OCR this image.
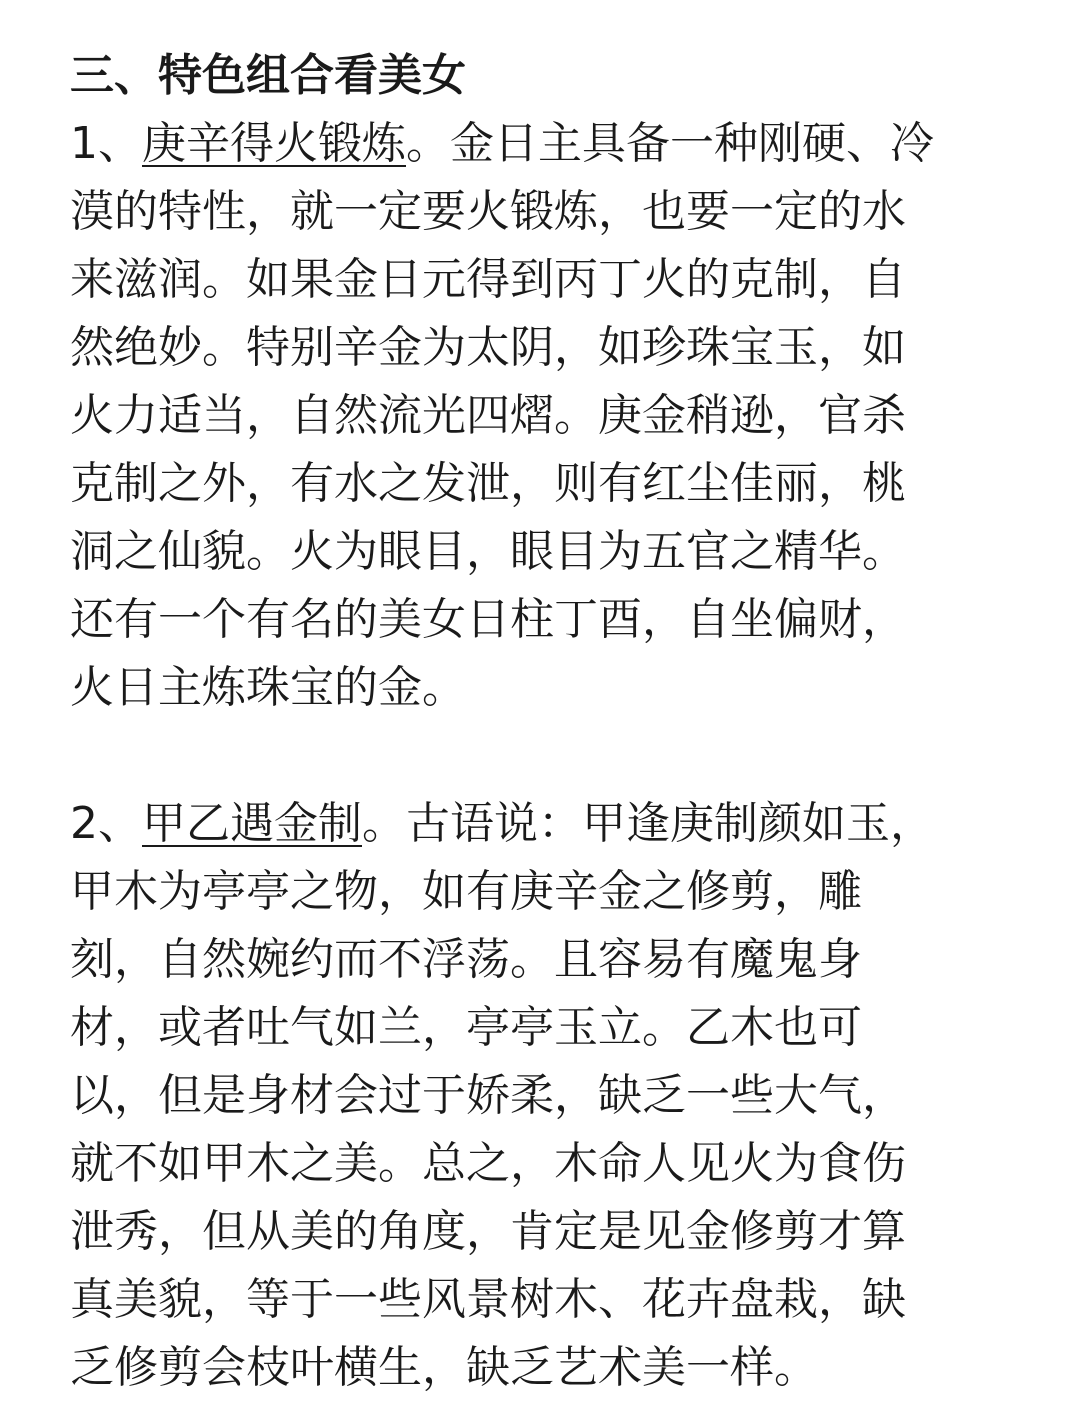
三、特色组合看美女

1、庚辛得火锻炼。金日主具备一种刚硬、冷

漠的特性，就一定要火锻炼，也要一定的水

来滋润。如果金日元得到丙丁火的克制，自

然绝妙。特别辛金为太阴，如珍珠宝玉，如

火力适当，自然流光四熠。庚金稍逊，官杀

克制之外，有水之发泄，则有红尘佳丽，桃

洞之仙貌。火为眼目，眼目为五官之精华。

还有一个有名的美女日柱丁酉，自坐偏财，

火日主炼珠宝的金。

2、甲乙遇金制。古语说：甲逢庚制颜如玉，

甲木为亭亭之物，如有庚辛金之修剪，雕

刻，自然婉约而不浮荡。且容易有魔鬼身

材，或者吐气如兰，亭亭玉立。乙木也可

以，但是身材会过于娇柔，缺乏一些大气，

就不如甲木之美。总之，木命人见火为食伤

泄秀，但从美的角度，肯定是见金修剪才算

真美貌，等于一些风景树木、花卉盘栽，缺

乏修剪会枝叶横生，缺乏艺术美一样。
